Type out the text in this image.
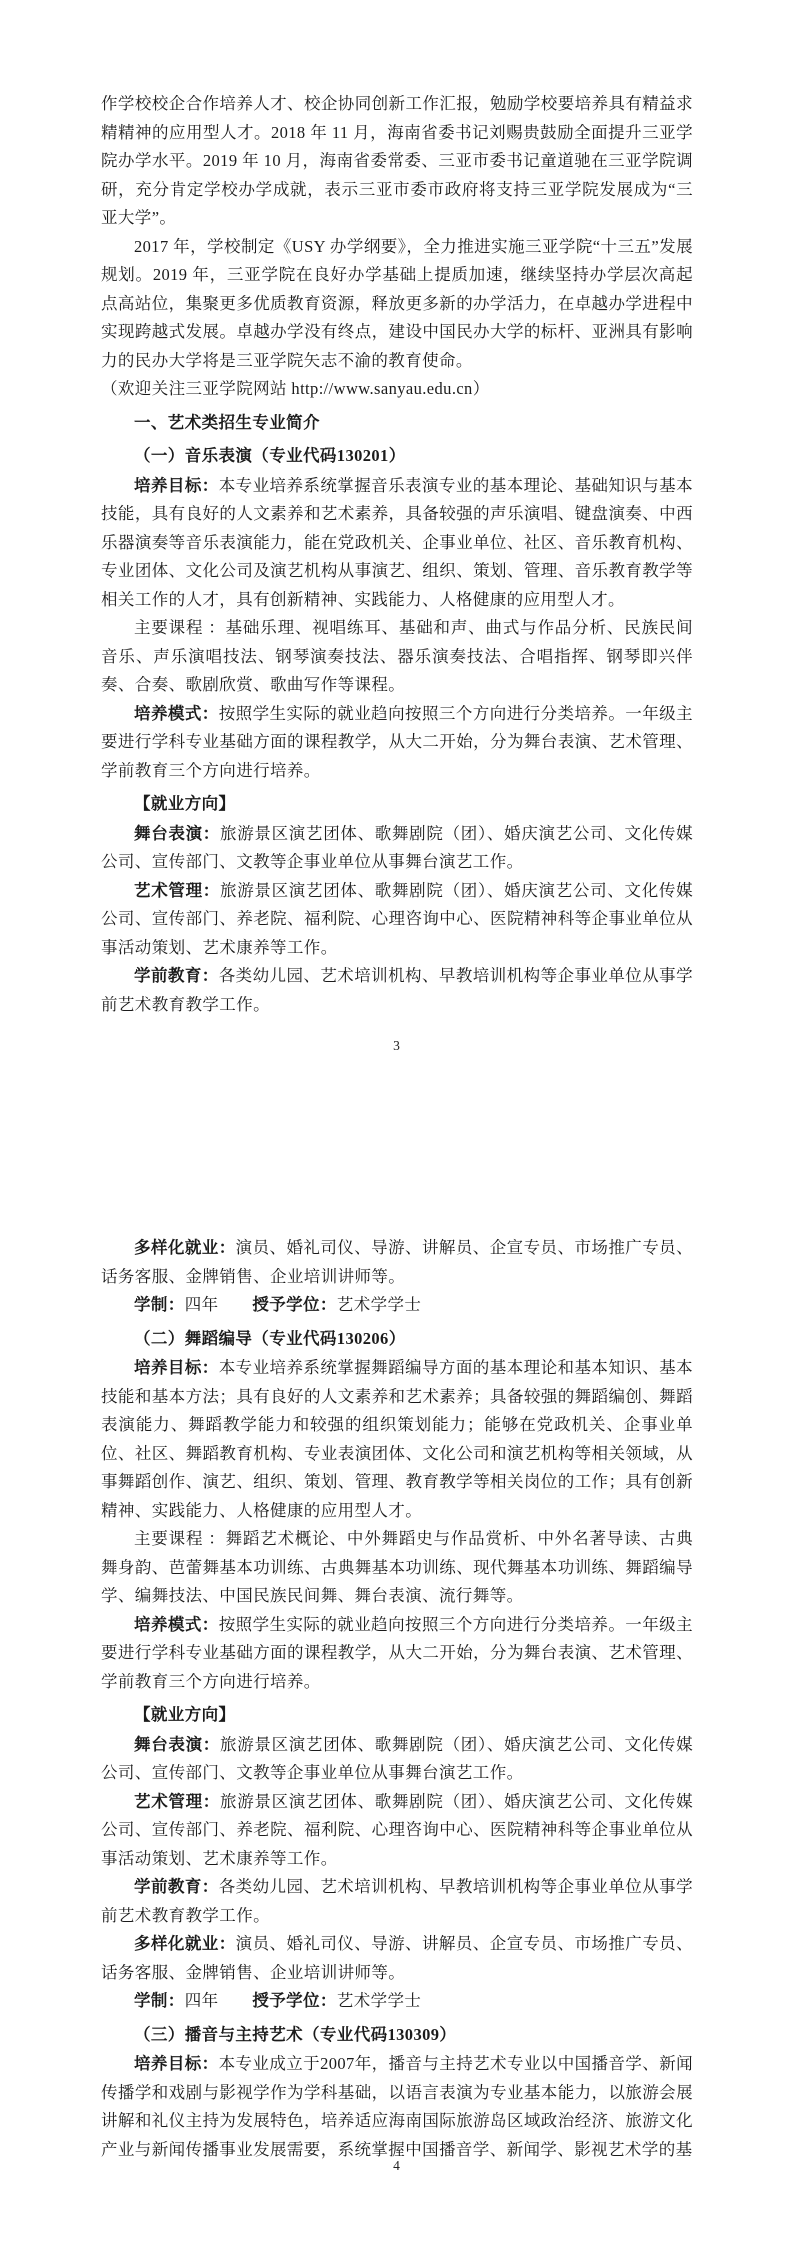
作学校校企合作培养人才、校企协同创新工作汇报，勉励学校要培养具有精益求精精神的应用型人才。2018 年 11 月，海南省委书记刘赐贵鼓励全面提升三亚学院办学水平。2019 年 10 月，海南省委常委、三亚市委书记童道驰在三亚学院调研，充分肯定学校办学成就，表示三亚市委市政府将支持三亚学院发展成为“三亚大学”。

2017 年，学校制定《USY 办学纲要》，全力推进实施三亚学院“十三五”发展规划。2019 年，三亚学院在良好办学基础上提质加速，继续坚持办学层次高起点高站位，集聚更多优质教育资源，释放更多新的办学活力，在卓越办学进程中实现跨越式发展。卓越办学没有终点，建设中国民办大学的标杆、亚洲具有影响力的民办大学将是三亚学院矢志不渝的教育使命。

（欢迎关注三亚学院网站 http://www.sanyau.edu.cn）

一、艺术类招生专业简介

（一）音乐表演（专业代码130201）

培养目标：本专业培养系统掌握音乐表演专业的基本理论、基础知识与基本技能，具有良好的人文素养和艺术素养，具备较强的声乐演唱、键盘演奏、中西乐器演奏等音乐表演能力，能在党政机关、企事业单位、社区、音乐教育机构、专业团体、文化公司及演艺机构从事演艺、组织、策划、管理、音乐教育教学等相关工作的人才，具有创新精神、实践能力、人格健康的应用型人才。

主要课程 ：基础乐理、视唱练耳、基础和声、曲式与作品分析、民族民间音乐、声乐演唱技法、钢琴演奏技法、器乐演奏技法、合唱指挥、钢琴即兴伴奏、合奏、歌剧欣赏、歌曲写作等课程。

培养模式：按照学生实际的就业趋向按照三个方向进行分类培养。一年级主要进行学科专业基础方面的课程教学，从大二开始，分为舞台表演、艺术管理、学前教育三个方向进行培养。

【就业方向】

舞台表演：旅游景区演艺团体、歌舞剧院（团）、婚庆演艺公司、文化传媒公司、宣传部门、文教等企事业单位从事舞台演艺工作。

艺术管理：旅游景区演艺团体、歌舞剧院（团）、婚庆演艺公司、文化传媒公司、宣传部门、养老院、福利院、心理咨询中心、医院精神科等企事业单位从事活动策划、艺术康养等工作。

学前教育：各类幼儿园、艺术培训机构、早教培训机构等企事业单位从事学前艺术教育教学工作。

3

多样化就业：演员、婚礼司仪、导游、讲解员、企宣专员、市场推广专员、话务客服、金牌销售、企业培训讲师等。

学制：四年　　授予学位：艺术学学士

（二）舞蹈编导（专业代码130206）

培养目标：本专业培养系统掌握舞蹈编导方面的基本理论和基本知识、基本技能和基本方法；具有良好的人文素养和艺术素养；具备较强的舞蹈编创、舞蹈表演能力、舞蹈教学能力和较强的组织策划能力；能够在党政机关、企事业单位、社区、舞蹈教育机构、专业表演团体、文化公司和演艺机构等相关领域，从事舞蹈创作、演艺、组织、策划、管理、教育教学等相关岗位的工作；具有创新精神、实践能力、人格健康的应用型人才。

主要课程 ：舞蹈艺术概论、中外舞蹈史与作品赏析、中外名著导读、古典舞身韵、芭蕾舞基本功训练、古典舞基本功训练、现代舞基本功训练、舞蹈编导学、编舞技法、中国民族民间舞、舞台表演、流行舞等。

培养模式：按照学生实际的就业趋向按照三个方向进行分类培养。一年级主要进行学科专业基础方面的课程教学，从大二开始，分为舞台表演、艺术管理、学前教育三个方向进行培养。

【就业方向】

舞台表演：旅游景区演艺团体、歌舞剧院（团）、婚庆演艺公司、文化传媒公司、宣传部门、文教等企事业单位从事舞台演艺工作。

艺术管理：旅游景区演艺团体、歌舞剧院（团）、婚庆演艺公司、文化传媒公司、宣传部门、养老院、福利院、心理咨询中心、医院精神科等企事业单位从事活动策划、艺术康养等工作。

学前教育：各类幼儿园、艺术培训机构、早教培训机构等企事业单位从事学前艺术教育教学工作。

多样化就业：演员、婚礼司仪、导游、讲解员、企宣专员、市场推广专员、话务客服、金牌销售、企业培训讲师等。

学制：四年　　授予学位：艺术学学士

（三）播音与主持艺术（专业代码130309）

培养目标：本专业成立于2007年，播音与主持艺术专业以中国播音学、新闻传播学和戏剧与影视学作为学科基础，以语言表演为专业基本能力，以旅游会展讲解和礼仪主持为发展特色，培养适应海南国际旅游岛区域政治经济、旅游文化产业与新闻传播事业发展需要，系统掌握中国播音学、新闻学、影视艺术学的基

4
